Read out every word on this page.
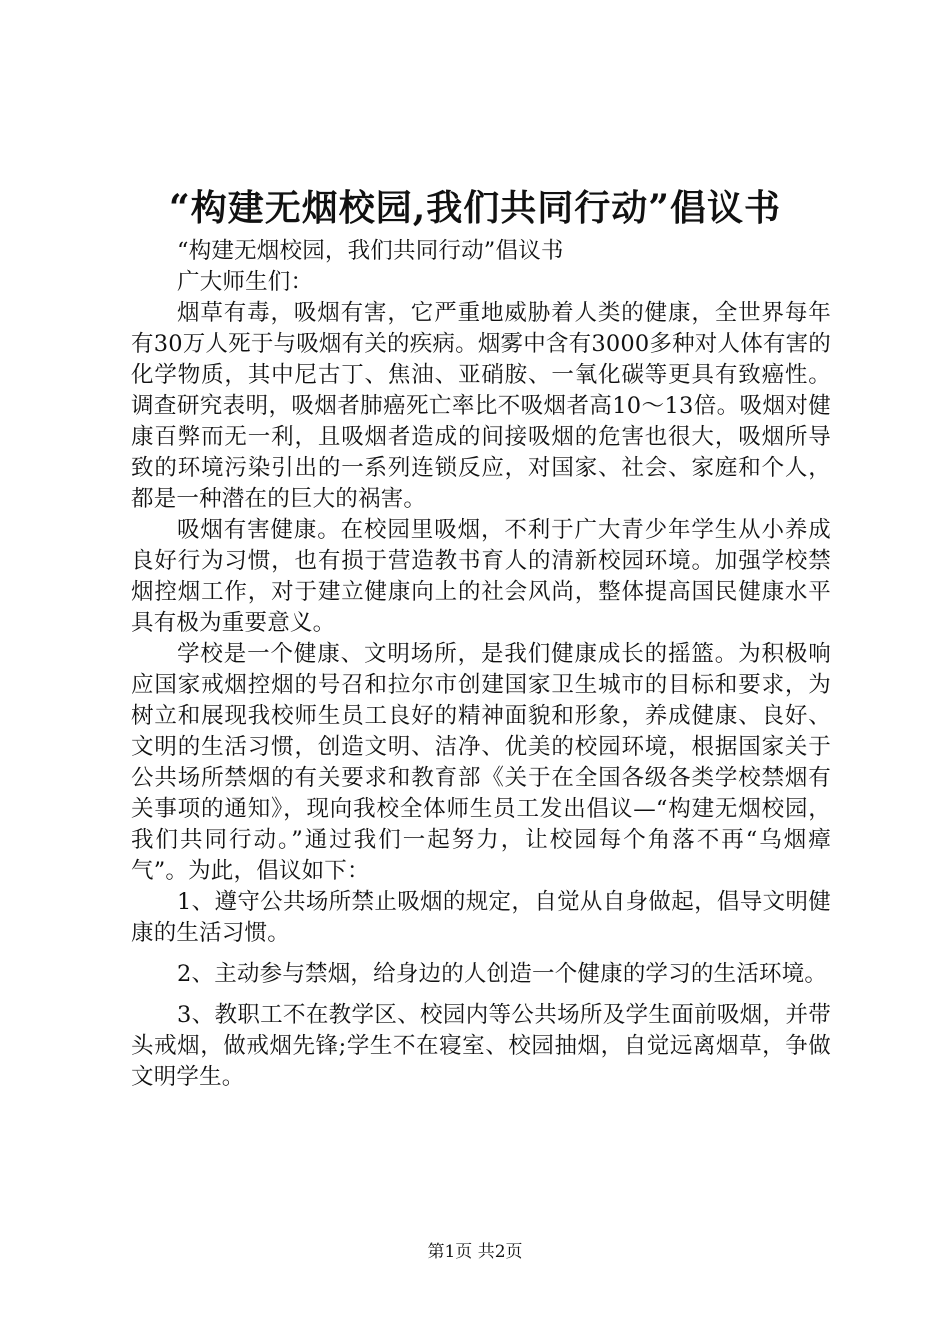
“构建无烟校园,我们共同行动”倡议书

“构建无烟校园，我们共同行动”倡议书

广大师生们：

烟草有毒，吸烟有害，它严重地威胁着人类的健康，全世界每年有30万人死于与吸烟有关的疾病。烟雾中含有3000多种对人体有害的化学物质，其中尼古丁、焦油、亚硝胺、一氧化碳等更具有致癌性。调查研究表明，吸烟者肺癌死亡率比不吸烟者高10～13倍。吸烟对健康百弊而无一利，且吸烟者造成的间接吸烟的危害也很大，吸烟所导致的环境污染引出的一系列连锁反应，对国家、社会、家庭和个人，都是一种潜在的巨大的祸害。

吸烟有害健康。在校园里吸烟，不利于广大青少年学生从小养成良好行为习惯，也有损于营造教书育人的清新校园环境。加强学校禁烟控烟工作，对于建立健康向上的社会风尚，整体提高国民健康水平具有极为重要意义。

学校是一个健康、文明场所，是我们健康成长的摇篮。为积极响应国家戒烟控烟的号召和拉尔市创建国家卫生城市的目标和要求，为树立和展现我校师生员工良好的精神面貌和形象，养成健康、良好、文明的生活习惯，创造文明、洁净、优美的校园环境，根据国家关于公共场所禁烟的有关要求和教育部《关于在全国各级各类学校禁烟有关事项的通知》，现向我校全体师生员工发出倡议—“构建无烟校园，我们共同行动。”通过我们一起努力，让校园每个角落不再“乌烟瘴气”。为此，倡议如下：

1、遵守公共场所禁止吸烟的规定，自觉从自身做起，倡导文明健康的生活习惯。

2、主动参与禁烟，给身边的人创造一个健康的学习的生活环境。

3、教职工不在教学区、校园内等公共场所及学生面前吸烟，并带头戒烟，做戒烟先锋;学生不在寝室、校园抽烟，自觉远离烟草，争做文明学生。

第1页 共2页
